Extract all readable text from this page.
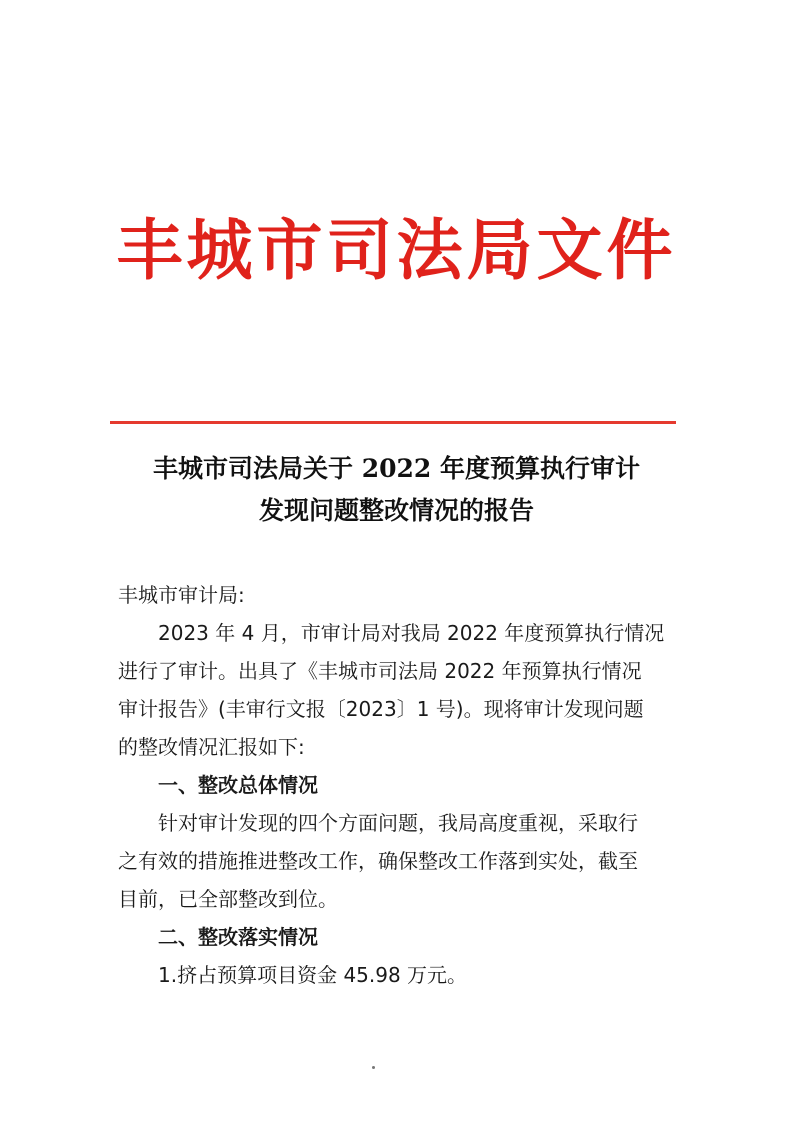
丰城市司法局文件
丰城市司法局关于 2022 年度预算执行审计
发现问题整改情况的报告

丰城市审计局:

2023 年 4 月，市审计局对我局 2022 年度预算执行情况

进行了审计。出具了《丰城市司法局 2022 年预算执行情况

审计报告》(丰审行文报〔2023〕1 号)。现将审计发现问题

的整改情况汇报如下:

一、整改总体情况

针对审计发现的四个方面问题，我局高度重视，采取行

之有效的措施推进整改工作，确保整改工作落到实处，截至

目前，已全部整改到位。

二、整改落实情况

1.挤占预算项目资金 45.98 万元。
